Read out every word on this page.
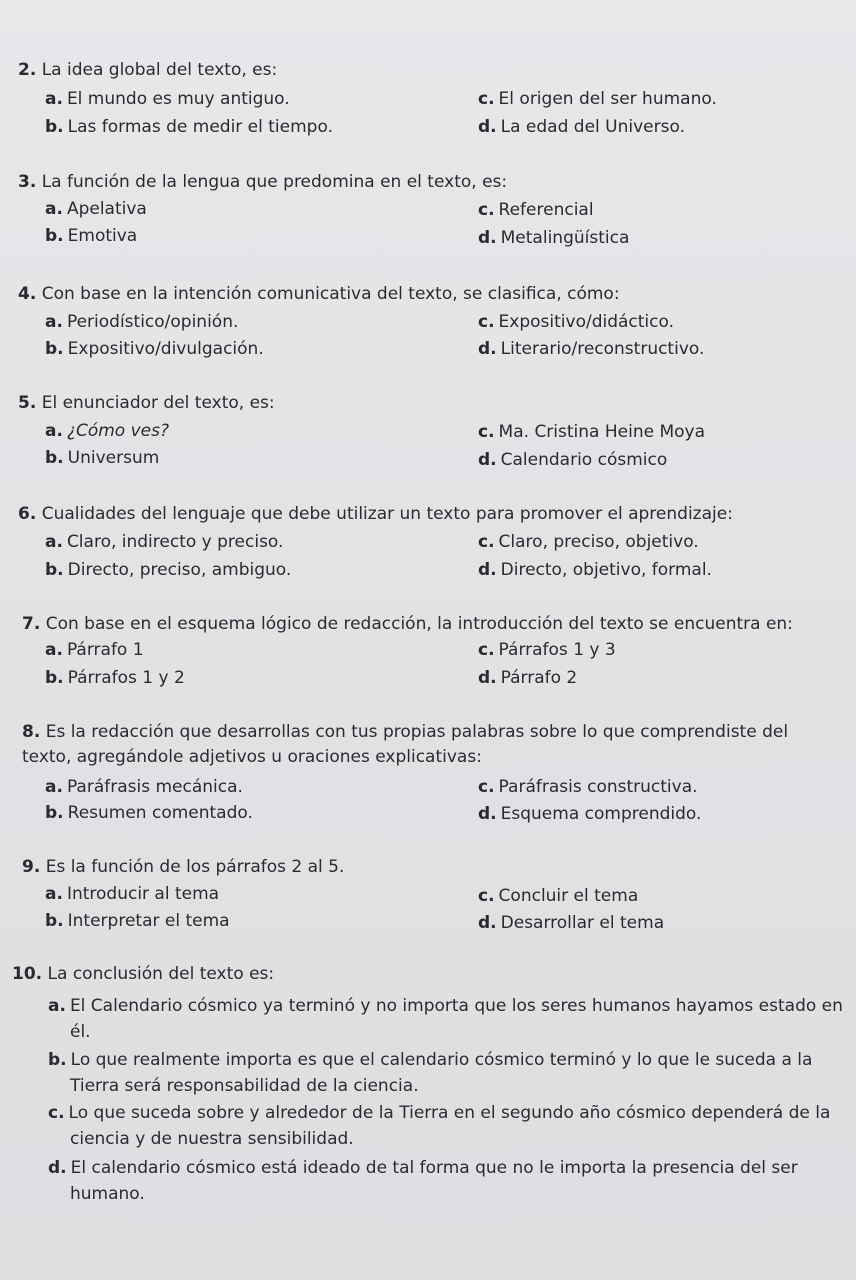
2. La idea global del texto, es:
a. El mundo es muy antiguo.	c. El origen del ser humano.
b. Las formas de medir el tiempo.	d. La edad del Universo.
3. La función de la lengua que predomina en el texto, es:
a. Apelativa	c. Referencial
b. Emotiva	d. Metalingüística
4. Con base en la intención comunicativa del texto, se clasifica, cómo:
a. Periodístico/opinión.	c. Expositivo/didáctico.
b. Expositivo/divulgación.	d. Literario/reconstructivo.
5. El enunciador del texto, es:
a. ¿Cómo ves?	c. Ma. Cristina Heine Moya
b. Universum	d. Calendario cósmico
6. Cualidades del lenguaje que debe utilizar un texto para promover el aprendizaje:
a. Claro, indirecto y preciso.	c. Claro, preciso, objetivo.
b. Directo, preciso, ambiguo.	d. Directo, objetivo, formal.
7. Con base en el esquema lógico de redacción, la introducción del texto se encuentra en:
a. Párrafo 1	c. Párrafos 1 y 3
b. Párrafos 1 y 2	d. Párrafo 2
8. Es la redacción que desarrollas con tus propias palabras sobre lo que comprendiste del texto, agregándole adjetivos u oraciones explicativas:
a. Paráfrasis mecánica.	c. Paráfrasis constructiva.
b. Resumen comentado.	d. Esquema comprendido.
9. Es la función de los párrafos 2 al 5.
a. Introducir al tema	c. Concluir el tema
b. Interpretar el tema	d. Desarrollar el tema
10. La conclusión del texto es:
a. El Calendario cósmico ya terminó y no importa que los seres humanos hayamos estado en él.
b. Lo que realmente importa es que el calendario cósmico terminó y lo que le suceda a la Tierra será responsabilidad de la ciencia.
c. Lo que suceda sobre y alrededor de la Tierra en el segundo año cósmico dependerá de la ciencia y de nuestra sensibilidad.
d. El calendario cósmico está ideado de tal forma que no le importa la presencia del ser humano.
